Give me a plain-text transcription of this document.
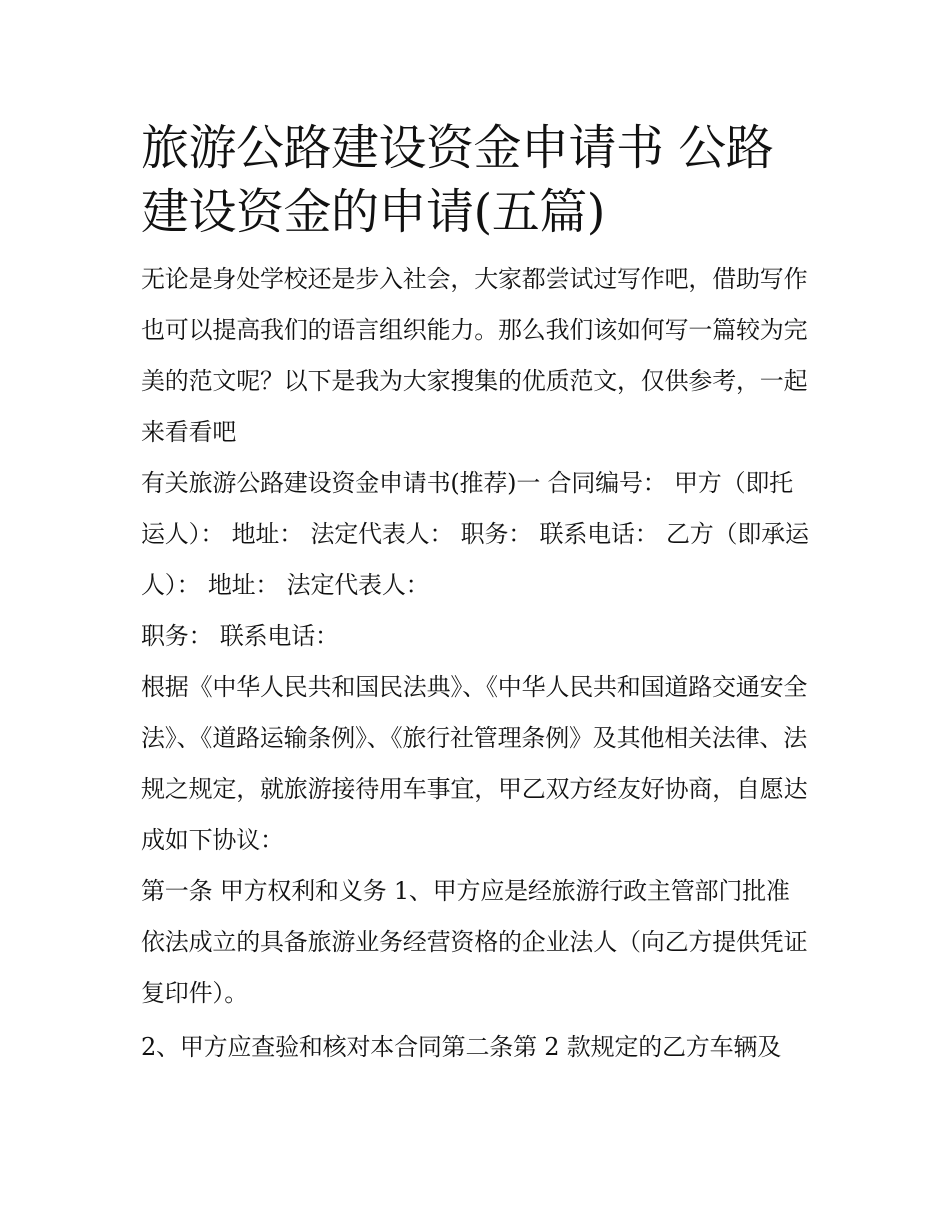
旅游公路建设资金申请书 公路建设资金的申请(五篇)

无论是身处学校还是步入社会，大家都尝试过写作吧，借助写作也可以提高我们的语言组织能力。那么我们该如何写一篇较为完美的范文呢？以下是我为大家搜集的优质范文，仅供参考，一起来看看吧

有关旅游公路建设资金申请书(推荐)一 合同编号： 甲方（即托运人）： 地址： 法定代表人： 职务： 联系电话： 乙方（即承运人）： 地址： 法定代表人：

职务： 联系电话：

根据《中华人民共和国民法典》、《中华人民共和国道路交通安全法》、《道路运输条例》、《旅行社管理条例》及其他相关法律、法规之规定，就旅游接待用车事宜，甲乙双方经友好协商，自愿达成如下协议：

第一条 甲方权利和义务 1、甲方应是经旅游行政主管部门批准依法成立的具备旅游业务经营资格的企业法人（向乙方提供凭证复印件）。

2、甲方应查验和核对本合同第二条第 2 款规定的乙方车辆及
